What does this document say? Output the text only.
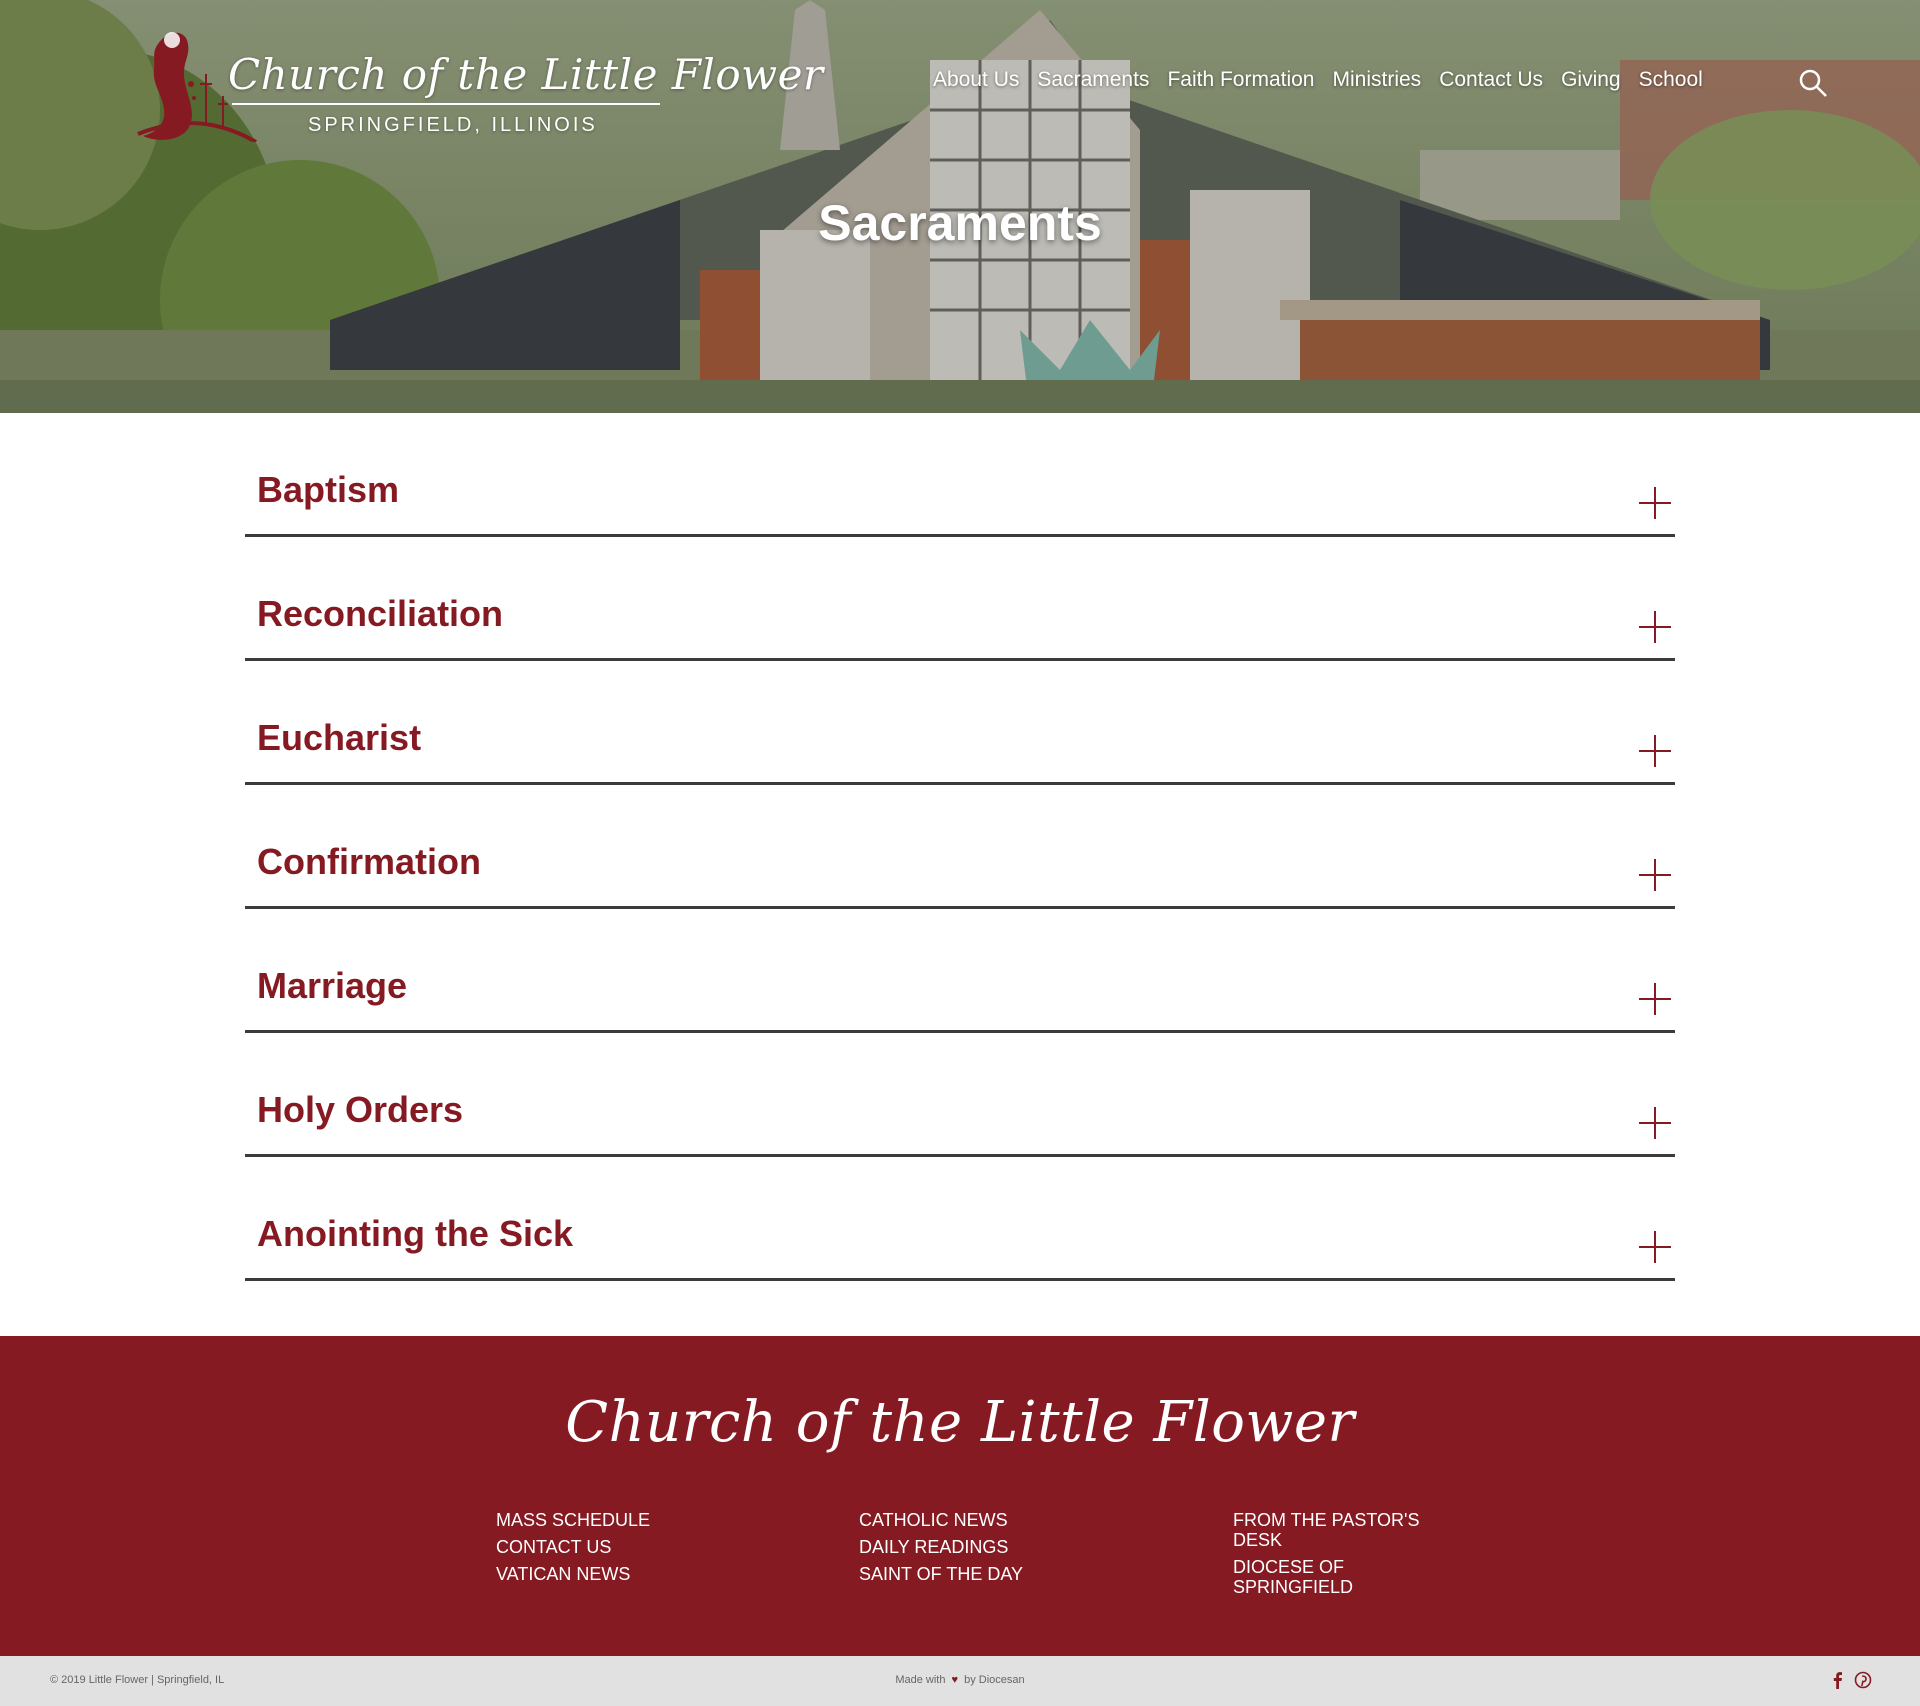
Church of the Little Flower
SPRINGFIELD, ILLINOIS
About Us Sacraments Faith Formation Ministries Contact Us Giving School
Sacraments
Baptism
Reconciliation
Eucharist
Confirmation
Marriage
Holy Orders
Anointing the Sick
Church of the Little Flower
MASS SCHEDULE
CONTACT US
VATICAN NEWS
CATHOLIC NEWS
DAILY READINGS
SAINT OF THE DAY
FROM THE PASTOR'S DESK
DIOCESE OF SPRINGFIELD
© 2019 Little Flower | Springfield, IL	Made with ♥ by Diocesan
